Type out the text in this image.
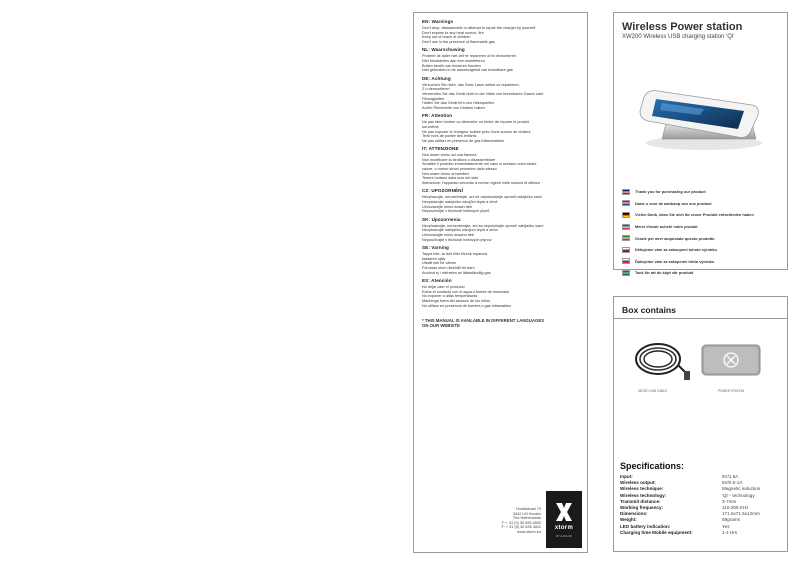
EN: Warnings
Don't drop, disassemble or attempt to repair the charger by yourself
Don't expose to any heat source, fire
Keep out of reach of children
Don't use in the presence of flammable gas
NL: Waarschuwing
Probeer de lader niet zelf te repareren of te demonteren
Niet blootstellen aan een warmtebron
Buiten bereik van kinderen houden
Niet gebruiken in de aanwezigheid van brandbare gas
DE: Achtung
Versuchen Sie nicht, das Solar Laser selbst zu reparieren,
Z u demontieren
Verwenden Sie das Gerät nicht in der Nähe von brennbaren Gasen oder
Flüssigkeiten
Halten Sie das Gerät fern von Hitzequellen
Außer Reichweite von Kindern halten
FR: Attention
Ne pas faire tomber ou démonter ou tenter de réparer le produit
soi-même
Ne pas exposer le chargeur solaire près d'une source de chaleur
Tenir hors de portée des enfants
Ne pas utiliser en présence de gaz inflammables
IT: ATTENZIONE
Non usare vicino ad una fiamma
Non modificare la struttura o disassemblare
Smaltire il prodotto immediatamente nel caso si sentano odori strani,
calore, o rumori strani provenire dallo stesso
Non usare vicino ai bambini
Tenere lontano dalla luce del sole
Attenzione: l'apparato secondo a norme vigenti nelle nazioni di utilizzo
CZ: UPOZORNĚNÍ
Nevyhazujte, nerozebírejte, ani se nepokoušejte opravit nabíječku sami
Nevystavujte nabíječku zdrojům tepla a ohně
Uchovávejte mimo dosah dětí
Nepoužívejte v blízkosti hořlavých plynů
SK: Upozornenia
Nevyhadzujte, nerozoberajte, ani sa nepokúšajte opraviť nabíjačku sami
Nevystavujte nabíjačku zdrojom tepla a ohňa
Uchovávajte mimo dosahu detí
Nepoužívajte v blízkosti horľavých plynov
SE: Varning
Tappa inte, ta isär eller försök reparera
laddaren själv
Utsätt inte för värme
Förvaras utom räckhåll för barn
Använd ej i närheten av lättantändlig gas
ES: Atención
No dejar caer el producto
Evitar el contacto con el agua o fuente de humedad
No exponer a altas temperaturas
Mantenga fuera del alcance de los niños
No utilizar en presencia de fuentes o gas inflamables
* THIS MANUAL IS AVAILABLE IN DIFFERENT LANGUAGES
ON OUR WEBSITE
Hoofdstraat 79
3442 LM Houten
The Netherlands
T: + 31 (0) 30 695 4800
F: + 31 (0) 30 635 4811
www.xtorm.eu
xtorm
BY A-SOLAR
Wireless Power station
XW200 Wireless USB charging station 'Qi'
Thank you for purchasing our product
Dank u voor de aankoop van ons product
Vielen Dank, dass Sie sich für unser Produkt entschieden haben
Merci d'avoir acheté notre produit
Grazie per aver acquistato questo prodotto
Děkujeme vám za zakoupení tohoto výrobku
Ďakujeme vám za zakúpenie tohto výrobku
Tack för att du köpt vår produkt
Box contains
MICRO USB CABLE	POWER STATION
Specifications:
Input:	5V/1.5A
Wireless output:	5V/0.5-1A
Wireless technique:	Magnetic induction
Wireless technology:	'Qi' - technology
Transmit distance:	3-7mm
Working frequency:	110-205 KHz
Dimensions:	171.5x71.5x12mm
Weight:	69grams
LED battery indication:	Yes
Charging time Mobile equipment:	1-4 Hrs
